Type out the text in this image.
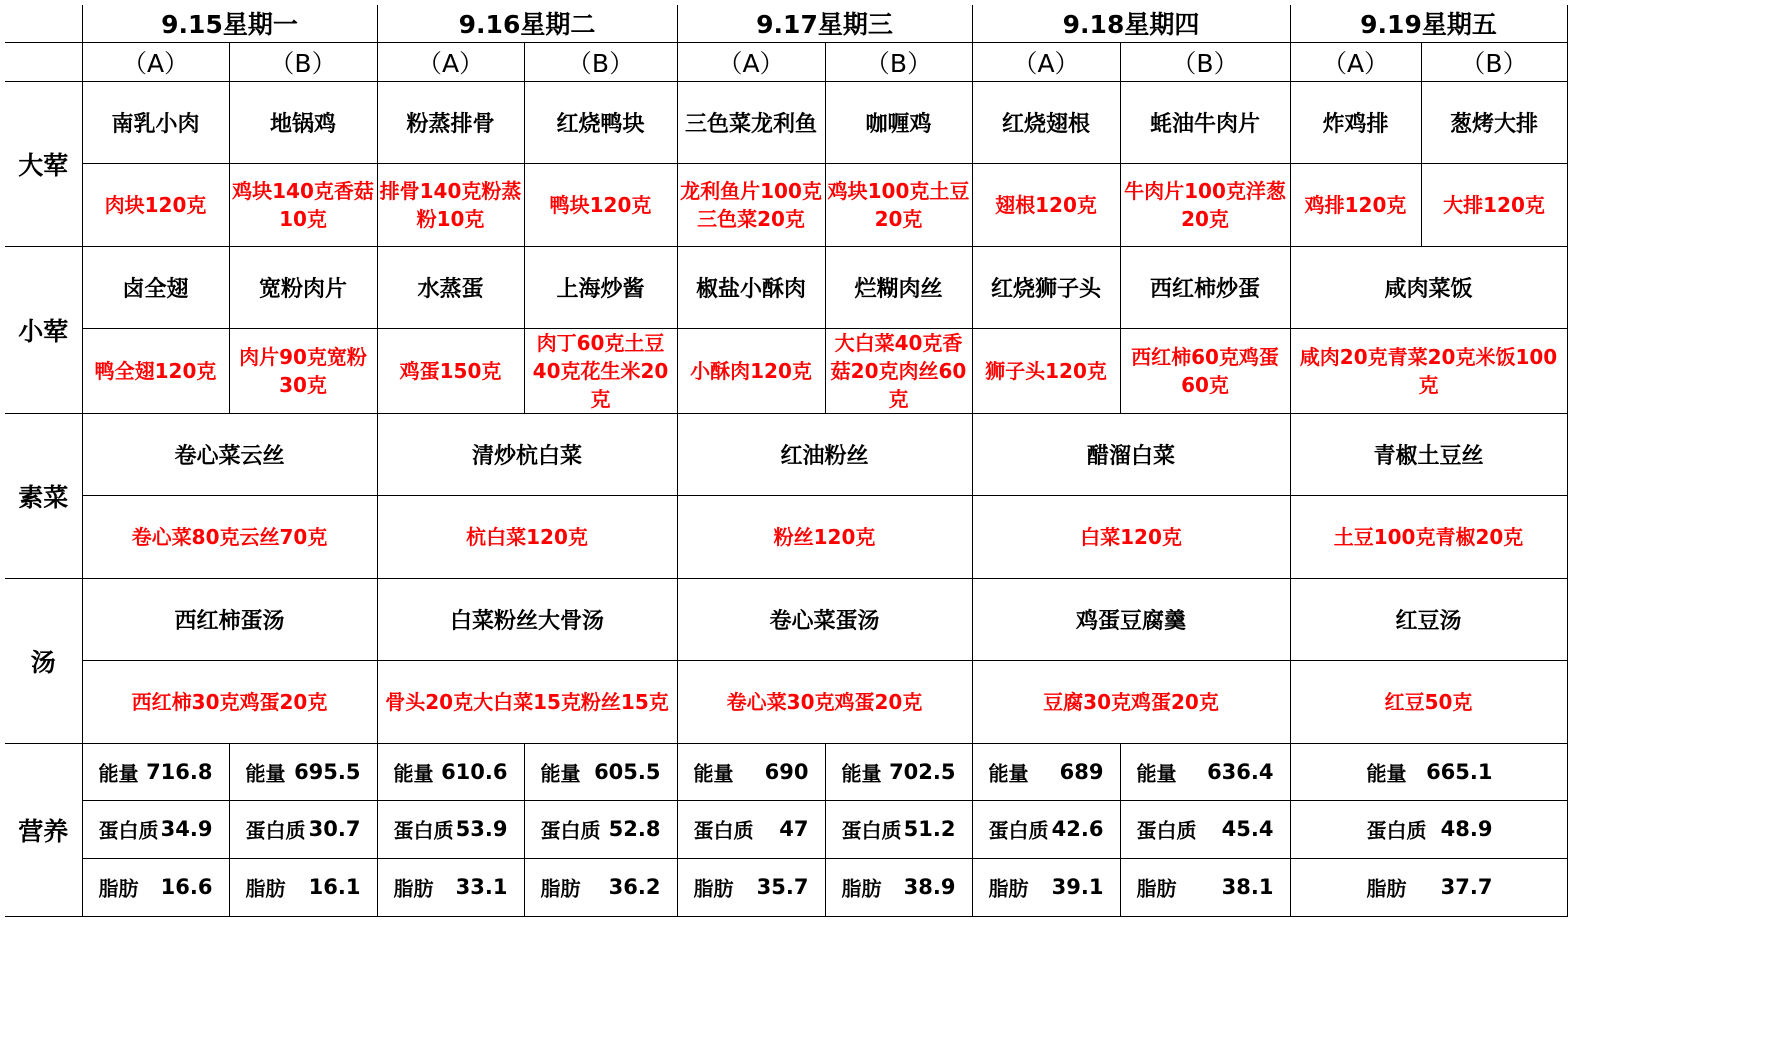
	9.15星期一		9.16星期二		9.17星期三		9.18星期四		9.19星期五	
	（A）	（B）	（A）	（B）	（A）	（B）	（A）	（B）	（A）	（B）
大荤	南乳小肉	地锅鸡	粉蒸排骨	红烧鸭块	三色菜龙利鱼	咖喱鸡	红烧翅根	蚝油牛肉片	炸鸡排	葱烤大排
	肉块120克	鸡块140克香菇10克	排骨140克粉蒸粉10克	鸭块120克	龙利鱼片100克三色菜20克	鸡块100克土豆20克	翅根120克	牛肉片100克洋葱20克	鸡排120克	大排120克
小荤	卤全翅	宽粉肉片	水蒸蛋	上海炒酱	椒盐小酥肉	烂糊肉丝	红烧狮子头	西红柿炒蛋	咸肉菜饭	
	鸭全翅120克	肉片90克宽粉30克	鸡蛋150克	肉丁60克土豆40克花生米20克	小酥肉120克	大白菜40克香菇20克肉丝60克	狮子头120克	西红柿60克鸡蛋60克	咸肉20克青菜20克米饭100克	
素菜	卷心菜云丝		清炒杭白菜		红油粉丝		醋溜白菜		青椒土豆丝	
	卷心菜80克云丝70克		杭白菜120克		粉丝120克		白菜120克		土豆100克青椒20克	
汤	西红柿蛋汤		白菜粉丝大骨汤		卷心菜蛋汤		鸡蛋豆腐羹		红豆汤	
	西红柿30克鸡蛋20克		骨头20克大白菜15克粉丝15克		卷心菜30克鸡蛋20克		豆腐30克鸡蛋20克		红豆50克	
营养	能量 716.8	能量 695.5	能量 610.6	能量 605.5	能量 690	能量 702.5	能量 689	能量 636.4	能量 665.1	

	蛋白质 34.9	蛋白质 30.7	蛋白质 53.9	蛋白质 52.8	蛋白质 47	蛋白质 51.2	蛋白质 42.6	蛋白质 45.4	蛋白质 48.9	

	脂肪 16.6	脂肪 16.1	脂肪 33.1	脂肪 36.2	脂肪 35.7	脂肪 38.9	脂肪 39.1	脂肪 38.1	脂肪 37.7	
